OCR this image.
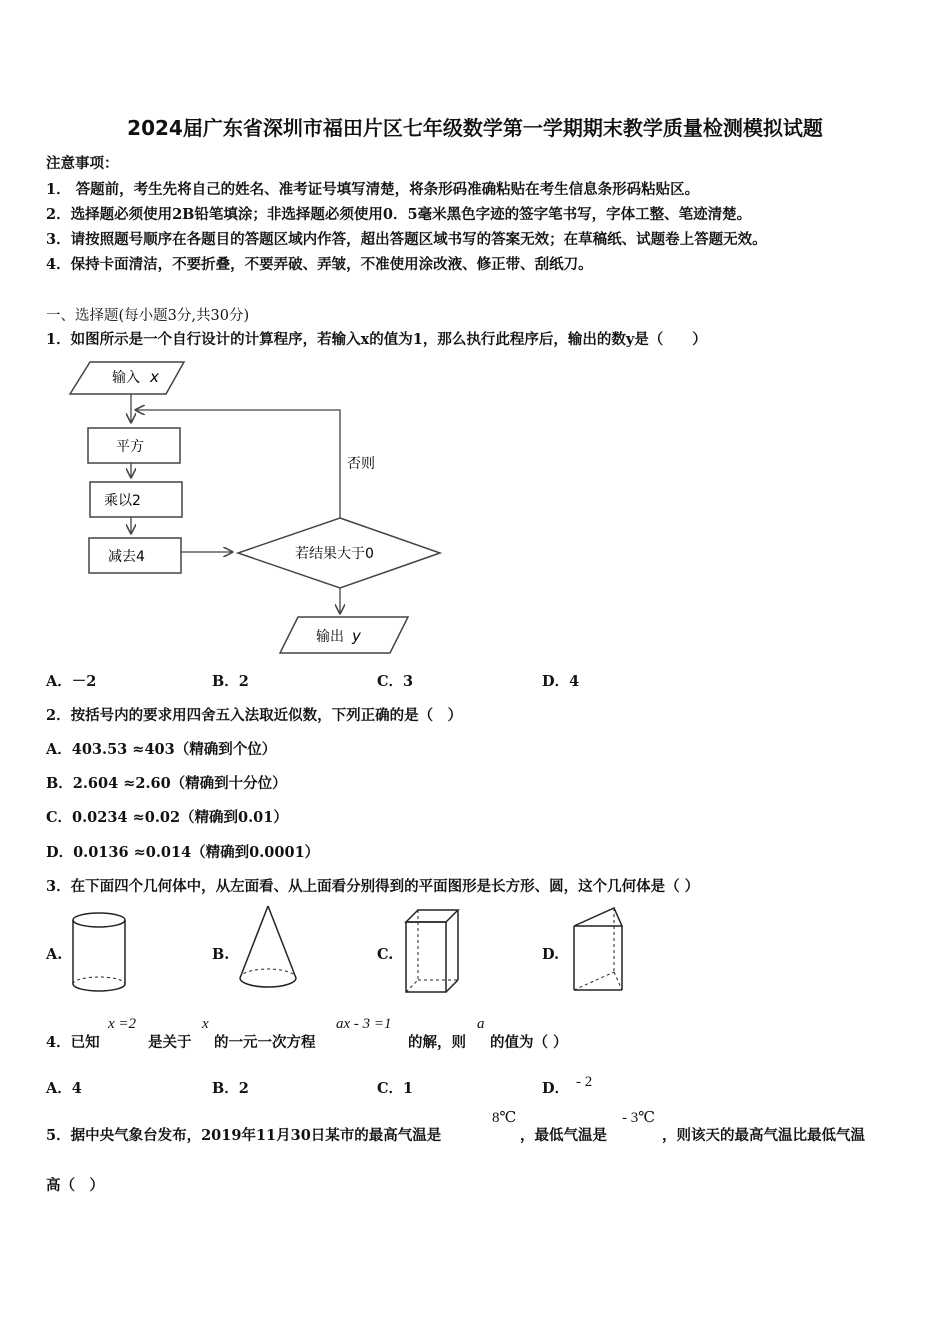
2024届广东省深圳市福田片区七年级数学第一学期期末教学质量检测模拟试题
注意事项：
1． 答题前，考生先将自己的姓名、准考证号填写清楚，将条形码准确粘贴在考生信息条形码粘贴区。
2．选择题必须使用2B铅笔填涂；非选择题必须使用0．5毫米黑色字迹的签字笔书写，字体工整、笔迹清楚。
3．请按照题号顺序在各题目的答题区域内作答，超出答题区域书写的答案无效；在草稿纸、试题卷上答题无效。
4．保持卡面清洁，不要折叠，不要弄破、弄皱，不准使用涂改液、修正带、刮纸刀。
一、选择题(每小题3分,共30分)
1．如图所示是一个自行设计的计算程序，若输入x的值为1，那么执行此程序后，输出的数y是（　　）
输入 x
平方
乘以2
减去4	若结果大于0
否则
输出 y
A．－2	B．2	C．3	D．4
2．按括号内的要求用四舍五入法取近似数，下列正确的是（　）
A．403.53 ≈403（精确到个位）
B．2.604 ≈2.60（精确到十分位）
C．0.0234 ≈0.02（精确到0.01）
D．0.0136 ≈0.014（精确到0.0001）
3．在下面四个几何体中，从左面看、从上面看分别得到的平面图形是长方形、圆，这个几何体是（ ）
A.	B.	C.	D.
4．已知
x =2
是关于
x
的一元一次方程
ax - 3 =1
的解，则
a
的值为（ ）
A．4	B．2	C．1	D． - 2
5．据中央气象台发布，2019年11月30日某市的最高气温是
8℃
，最低气温是
- 3℃
，则该天的最高气温比最低气温
高（　）
